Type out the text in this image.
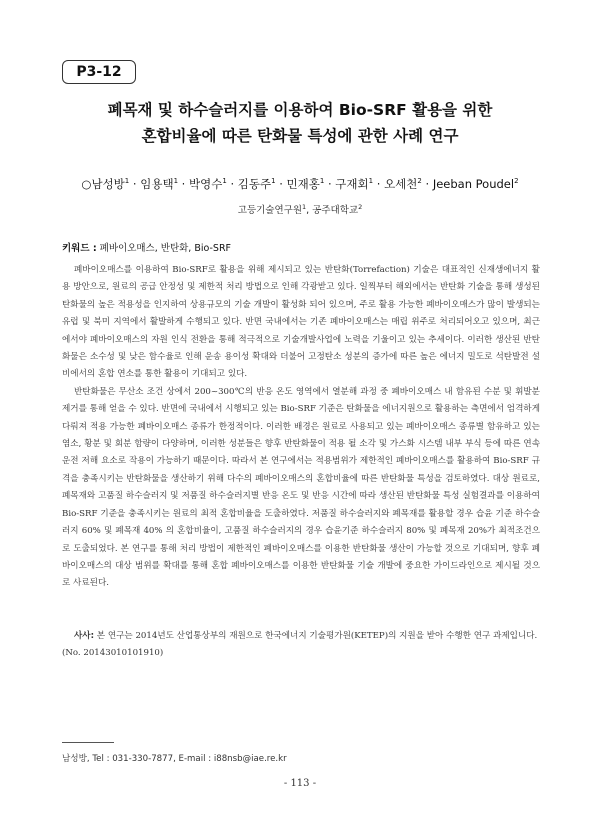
P3-12
폐목재 및 하수슬러지를 이용하여 Bio-SRF 활용을 위한
혼합비율에 따른 탄화물 특성에 관한 사례 연구
○남성방$^1$ · 임용택$^1$ · 박영수$^1$ · 김동주$^1$ · 민재홍$^1$ · 구재회$^1$ · 오세천$^2$ · Jeeban Poudel$^2$
고등기술연구원$^1$, 공주대학교$^2$
키워드 : 폐바이오매스, 반탄화, Bio-SRF

폐바이오매스를 이용하여 Bio-SRF로 활용을 위해 제시되고 있는 반탄화(Torrefaction) 기술은 대표적인 신재생에너지 활용 방안으로, 원료의 공급 안정성 및 제한적 처리 방법으로 인해 각광받고 있다. 일찍부터 해외에서는 반탄화 기술을 통해 생성된 탄화물의 높은 적용성을 인지하여 상용규모의 기술 개발이 활성화 되어 있으며, 주로 활용 가능한 폐바이오매스가 많이 발생되는 유럽 및 북미 지역에서 활발하게 수행되고 있다. 반면 국내에서는 기존 폐바이오매스는 매립 위주로 처리되어오고 있으며, 최근에서야 폐바이오매스의 자원 인식 전환을 통해 적극적으로 기술개발사업에 노력을 기울이고 있는 추세이다. 이러한 생산된 반탄화물은 소수성 및 낮은 함수율로 인해 운송 용이성 확대와 더불어 고정탄소 성분의 증가에 따른 높은 에너지 밀도로 석탄발전 설비에서의 혼합 연소를 통한 활용이 기대되고 있다.

반탄화물은 무산소 조건 상에서 200~300℃의 반응 온도 영역에서 열분해 과정 중 폐바이오매스 내 함유된 수분 및 휘발분 제거를 통해 얻을 수 있다. 반면에 국내에서 시행되고 있는 Bio-SRF 기준은 탄화물을 에너지원으로 활용하는 측면에서 엄격하게 다뤄져 적용 가능한 폐바이오매스 종류가 한정적이다. 이러한 배경은 원료로 사용되고 있는 폐바이오매스 종류별 함유하고 있는 염소, 황분 및 회분 함량이 다양하며, 이러한 성분들은 향후 반탄화물이 적용 될 소각 및 가스화 시스템 내부 부식 등에 따른 연속운전 저해 요소로 작용이 가능하기 때문이다. 따라서 본 연구에서는 적용범위가 제한적인 폐바이오매스를 활용하여 Bio-SRF 규격을 충족시키는 반탄화물을 생산하기 위해 다수의 폐바이오매스의 혼합비율에 따른 반탄화물 특성을 검토하였다. 대상 원료로, 폐목재와 고품질 하수슬러지 및 저품질 하수슬러지별 반응 온도 및 반응 시간에 따라 생산된 반탄화물 특성 실험결과를 이용하여 Bio-SRF 기준을 충족시키는 원료의 최적 혼합비율을 도출하였다. 저품질 하수슬러지와 폐목재를 활용할 경우 습윤 기준 하수슬러지 60% 및 폐목재 40% 의 혼합비율이, 고품질 하수슬러지의 경우 습윤기준 하수슬러지 80% 및 폐목재 20%가 최적조건으로 도출되었다. 본 연구를 통해 처리 방법이 제한적인 폐바이오매스를 이용한 반탄화물 생산이 가능할 것으로 기대되며, 향후 폐바이오매스의 대상 범위를 확대를 통해 혼합 폐바이오매스를 이용한 반탄화물 기술 개발에 중요한 가이드라인으로 제시될 것으로 사료된다.

사사: 본 연구는 2014년도 산업통상부의 재원으로 한국에너지 기술평가원(KETEP)의 지원을 받아 수행한 연구 과제입니다. (No. 20143010101910)
남성방, Tel : 031-330-7877, E-mail : i88nsb@iae.re.kr
- 113 -
